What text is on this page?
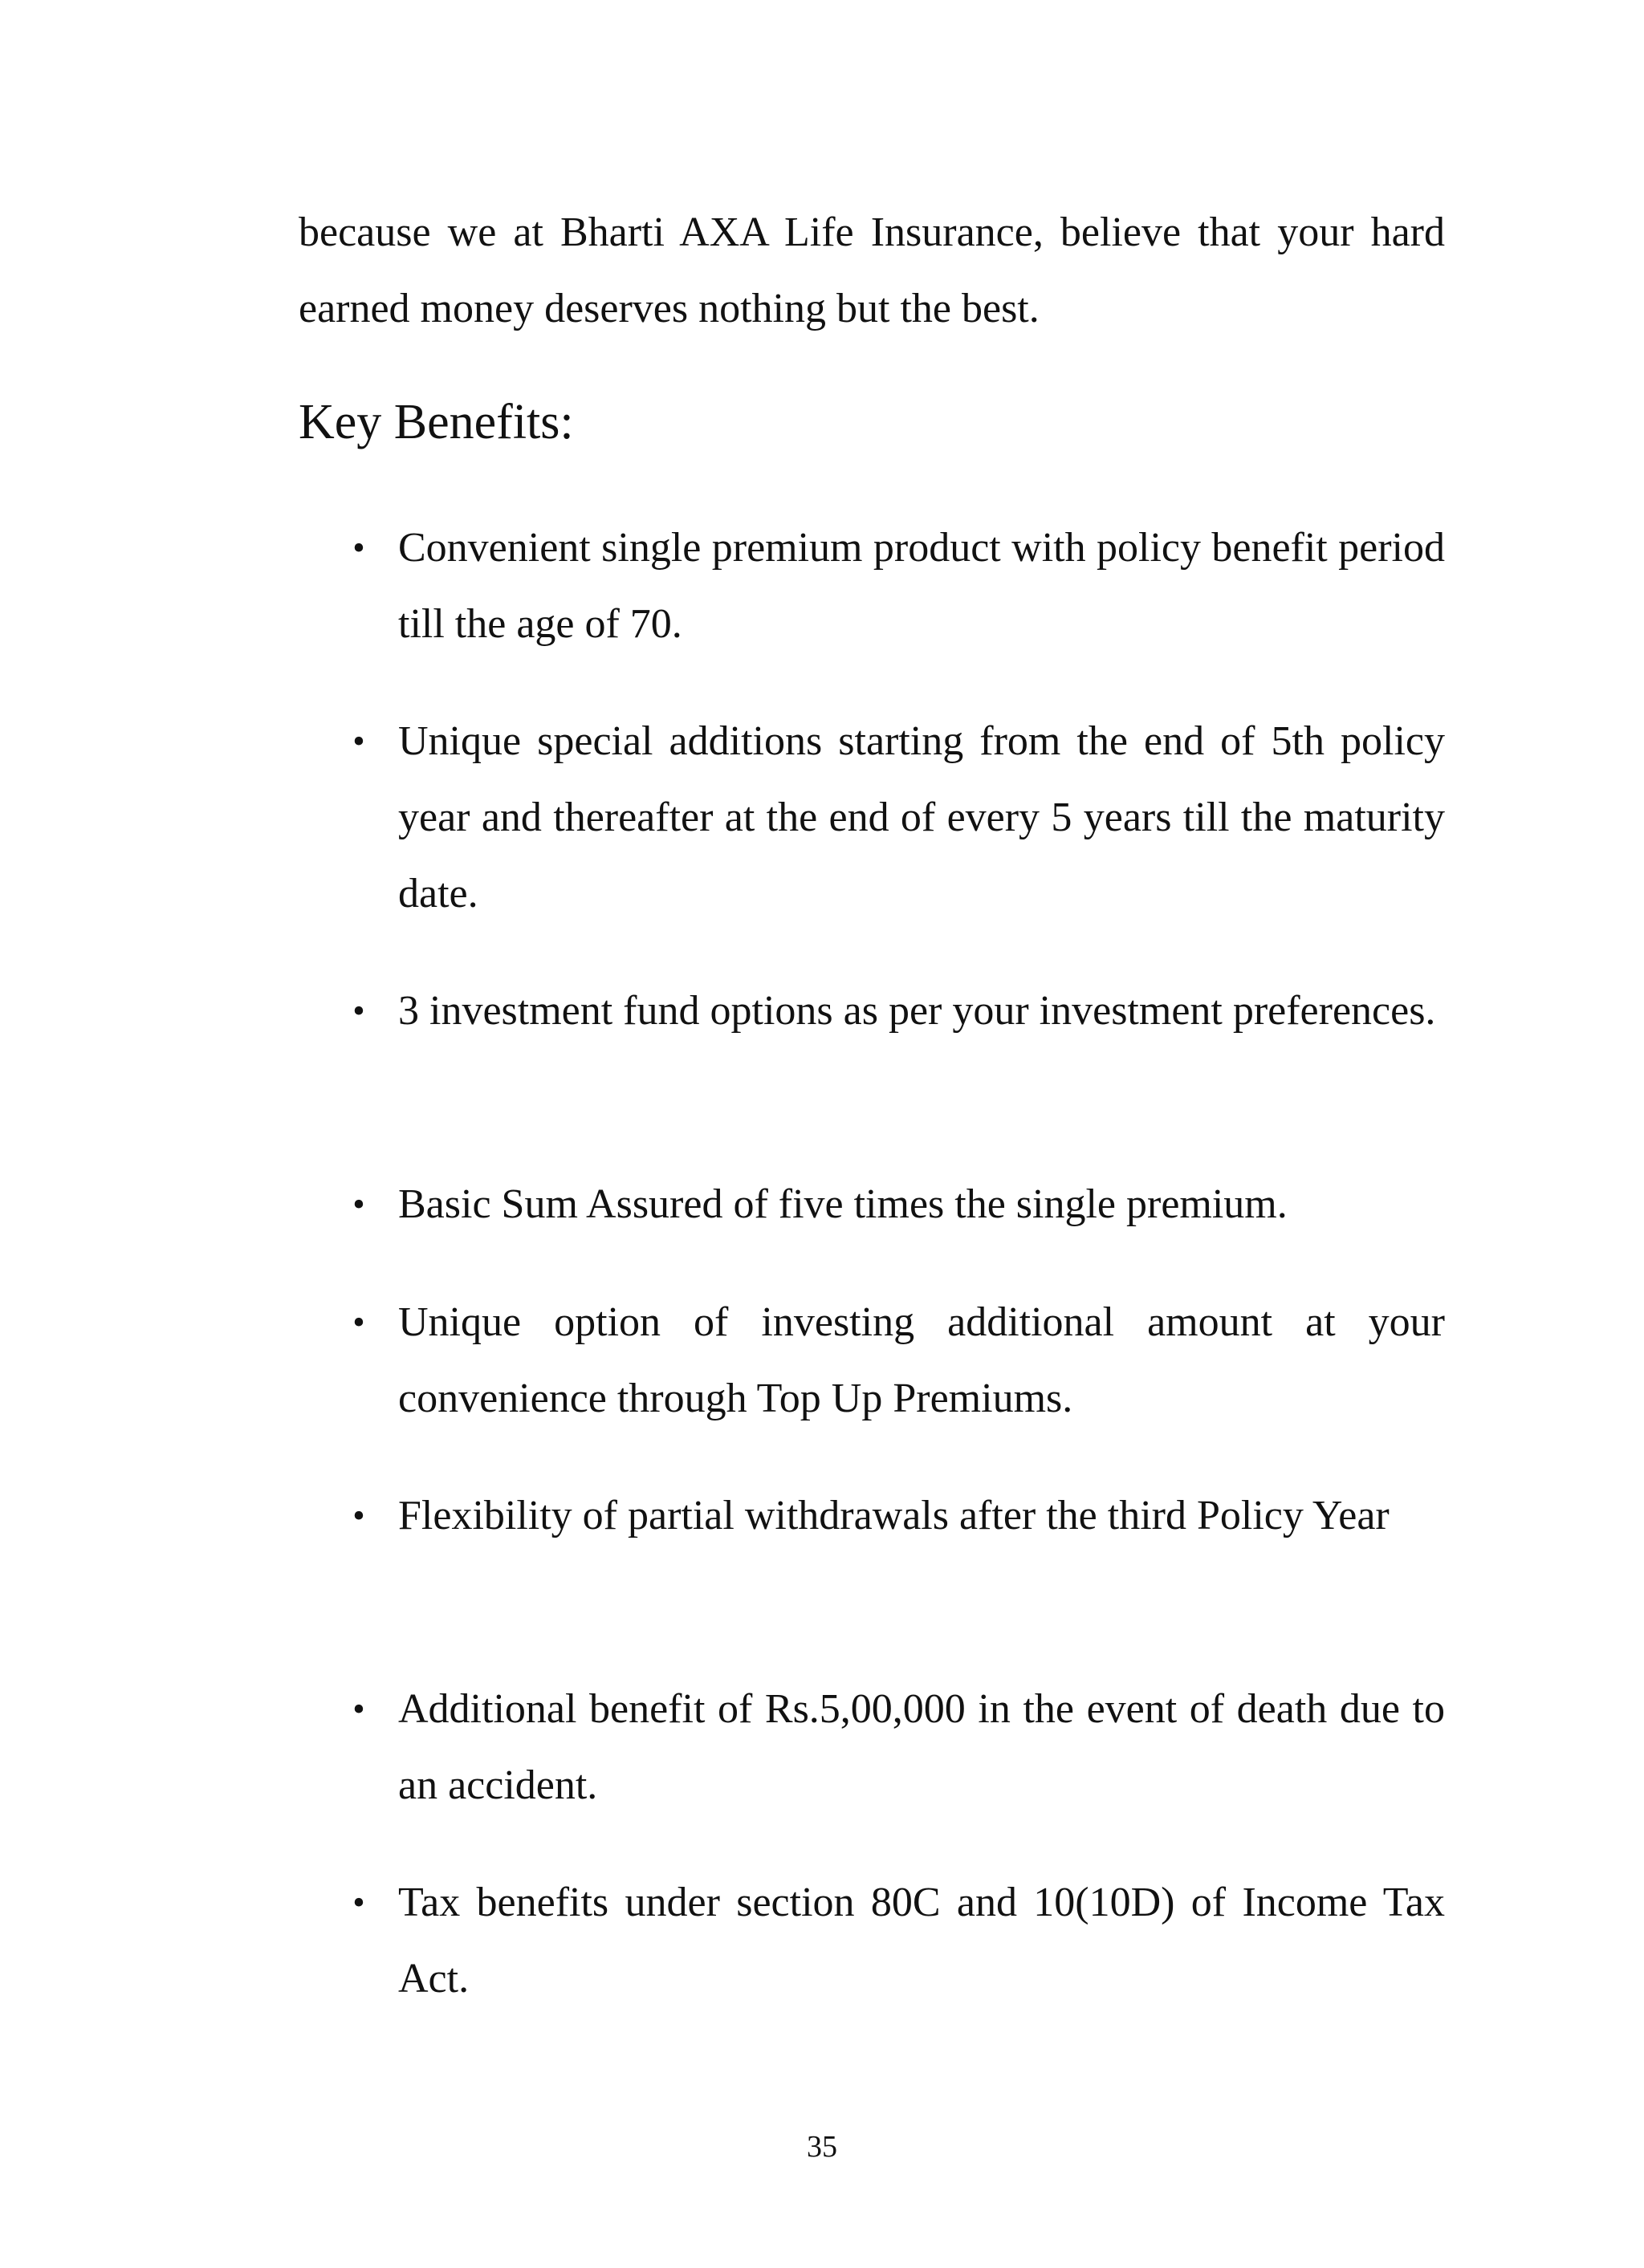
because we at Bharti AXA Life Insurance, believe that your hard earned money deserves nothing but the best.

Key Benefits:
• Convenient single premium product with policy benefit period till the age of 70.
• Unique special additions starting from the end of 5th policy year and thereafter at the end of every 5 years till the maturity date.
• 3 investment fund options as per your investment preferences.
• Basic Sum Assured of five times the single premium.
• Unique option of investing additional amount at your convenience through Top Up Premiums.
• Flexibility of partial withdrawals after the third Policy Year
• Additional benefit of Rs.5,00,000 in the event of death due to an accident.
• Tax benefits under section 80C and 10(10D) of Income Tax Act.
35
